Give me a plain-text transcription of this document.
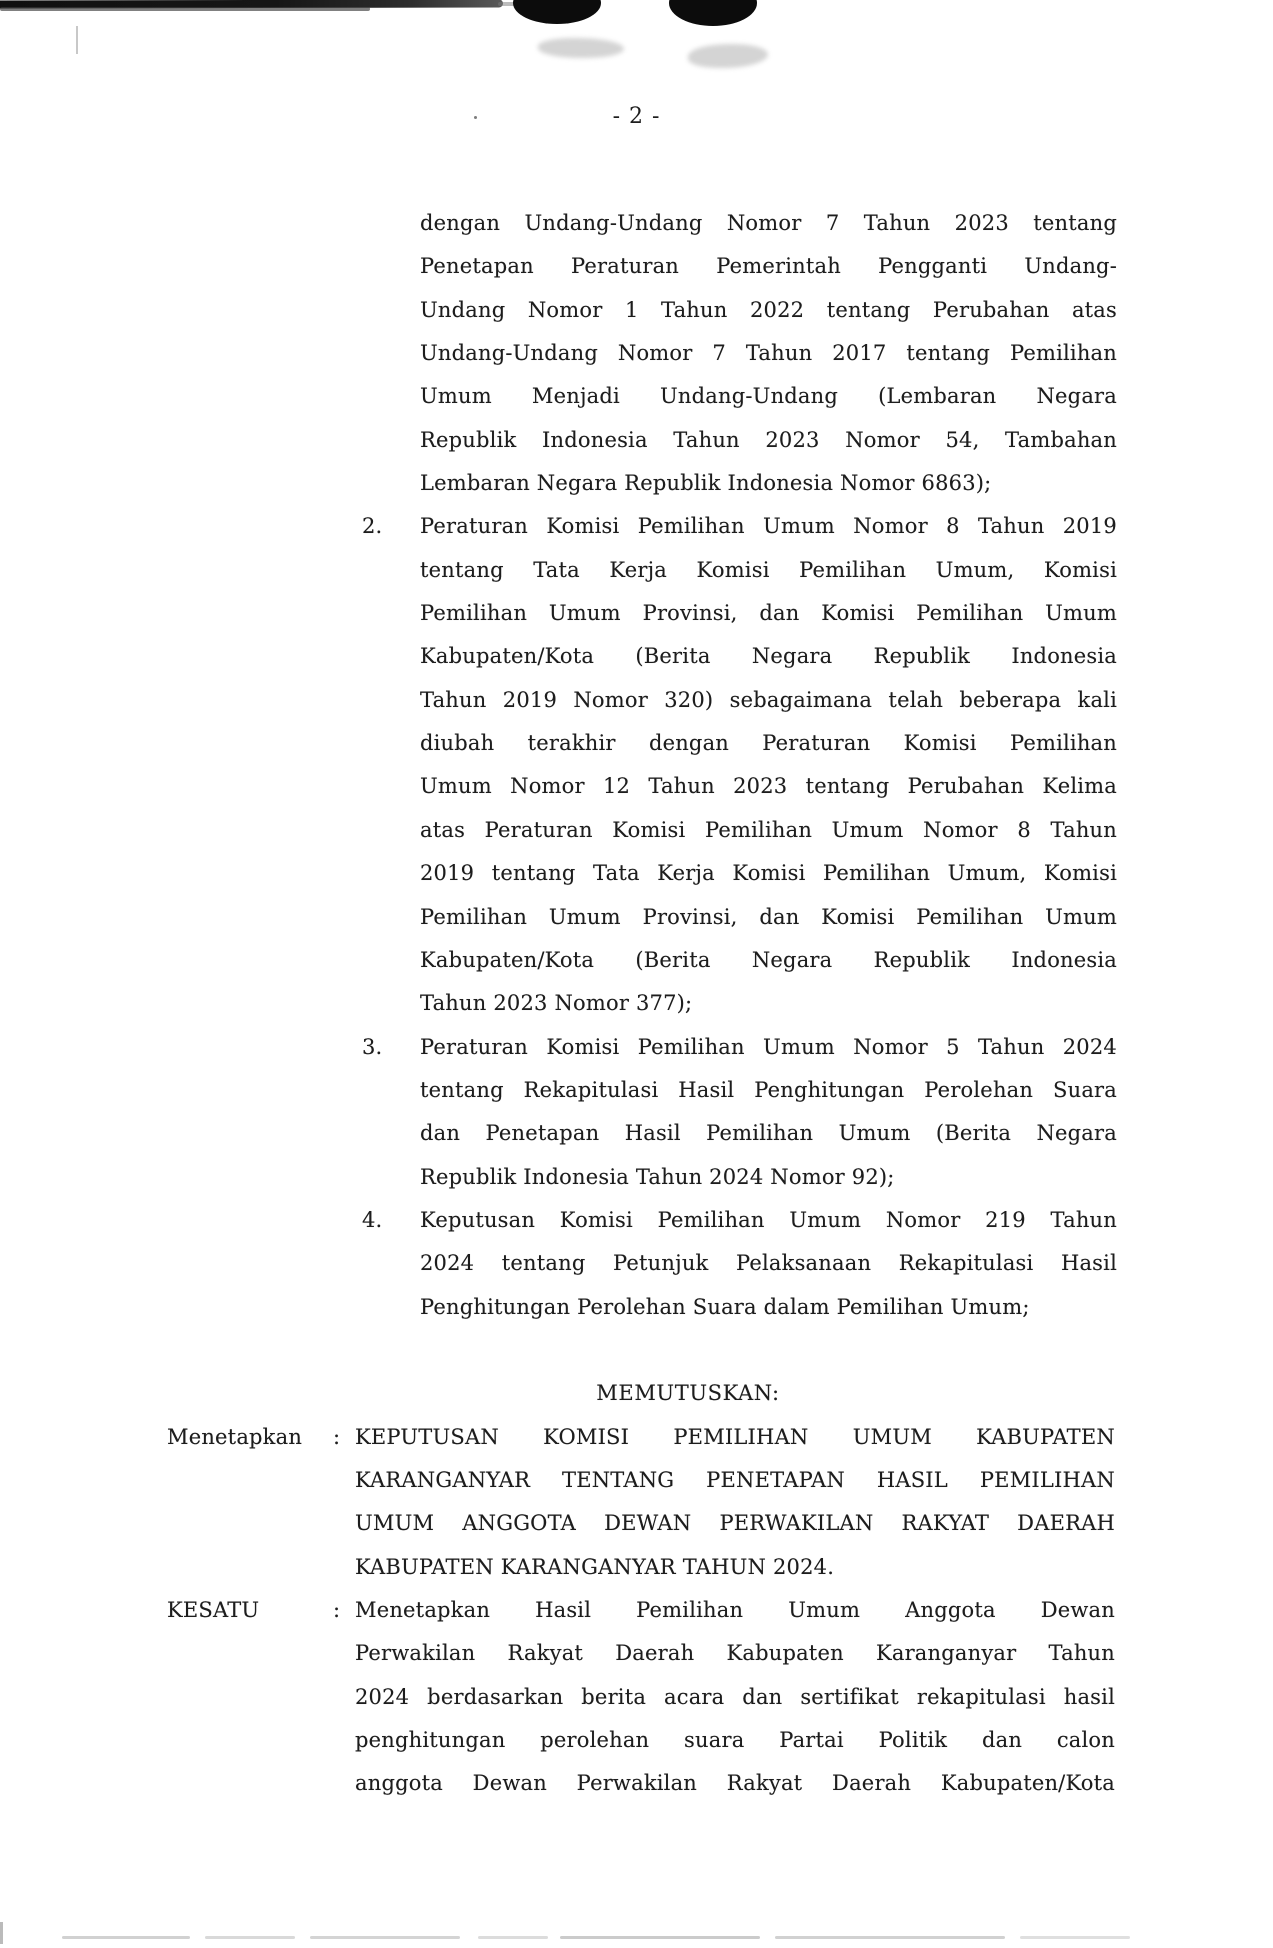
- 2 -
dengan Undang-Undang Nomor 7 Tahun 2023 tentang
Penetapan Peraturan Pemerintah Pengganti Undang-
Undang Nomor 1 Tahun 2022 tentang Perubahan atas
Undang-Undang Nomor 7 Tahun 2017 tentang Pemilihan
Umum Menjadi Undang-Undang (Lembaran Negara
Republik Indonesia Tahun 2023 Nomor 54, Tambahan
Lembaran Negara Republik Indonesia Nomor 6863);
2.	Peraturan Komisi Pemilihan Umum Nomor 8 Tahun 2019
tentang Tata Kerja Komisi Pemilihan Umum, Komisi
Pemilihan Umum Provinsi, dan Komisi Pemilihan Umum
Kabupaten/Kota (Berita Negara Republik Indonesia
Tahun 2019 Nomor 320) sebagaimana telah beberapa kali
diubah terakhir dengan Peraturan Komisi Pemilihan
Umum Nomor 12 Tahun 2023 tentang Perubahan Kelima
atas Peraturan Komisi Pemilihan Umum Nomor 8 Tahun
2019 tentang Tata Kerja Komisi Pemilihan Umum, Komisi
Pemilihan Umum Provinsi, dan Komisi Pemilihan Umum
Kabupaten/Kota (Berita Negara Republik Indonesia
Tahun 2023 Nomor 377);
3.	Peraturan Komisi Pemilihan Umum Nomor 5 Tahun 2024
tentang Rekapitulasi Hasil Penghitungan Perolehan Suara
dan Penetapan Hasil Pemilihan Umum (Berita Negara
Republik Indonesia Tahun 2024 Nomor 92);
4.	Keputusan Komisi Pemilihan Umum Nomor 219 Tahun
2024 tentang Petunjuk Pelaksanaan Rekapitulasi Hasil
Penghitungan Perolehan Suara dalam Pemilihan Umum;
MEMUTUSKAN:
Menetapkan	: KEPUTUSAN KOMISI PEMILIHAN UMUM KABUPATEN
KARANGANYAR TENTANG PENETAPAN HASIL PEMILIHAN
UMUM ANGGOTA DEWAN PERWAKILAN RAKYAT DAERAH
KABUPATEN KARANGANYAR TAHUN 2024.
KESATU	: Menetapkan Hasil Pemilihan Umum Anggota Dewan
Perwakilan Rakyat Daerah Kabupaten Karanganyar Tahun
2024 berdasarkan berita acara dan sertifikat rekapitulasi hasil
penghitungan perolehan suara Partai Politik dan calon
anggota Dewan Perwakilan Rakyat Daerah Kabupaten/Kota
